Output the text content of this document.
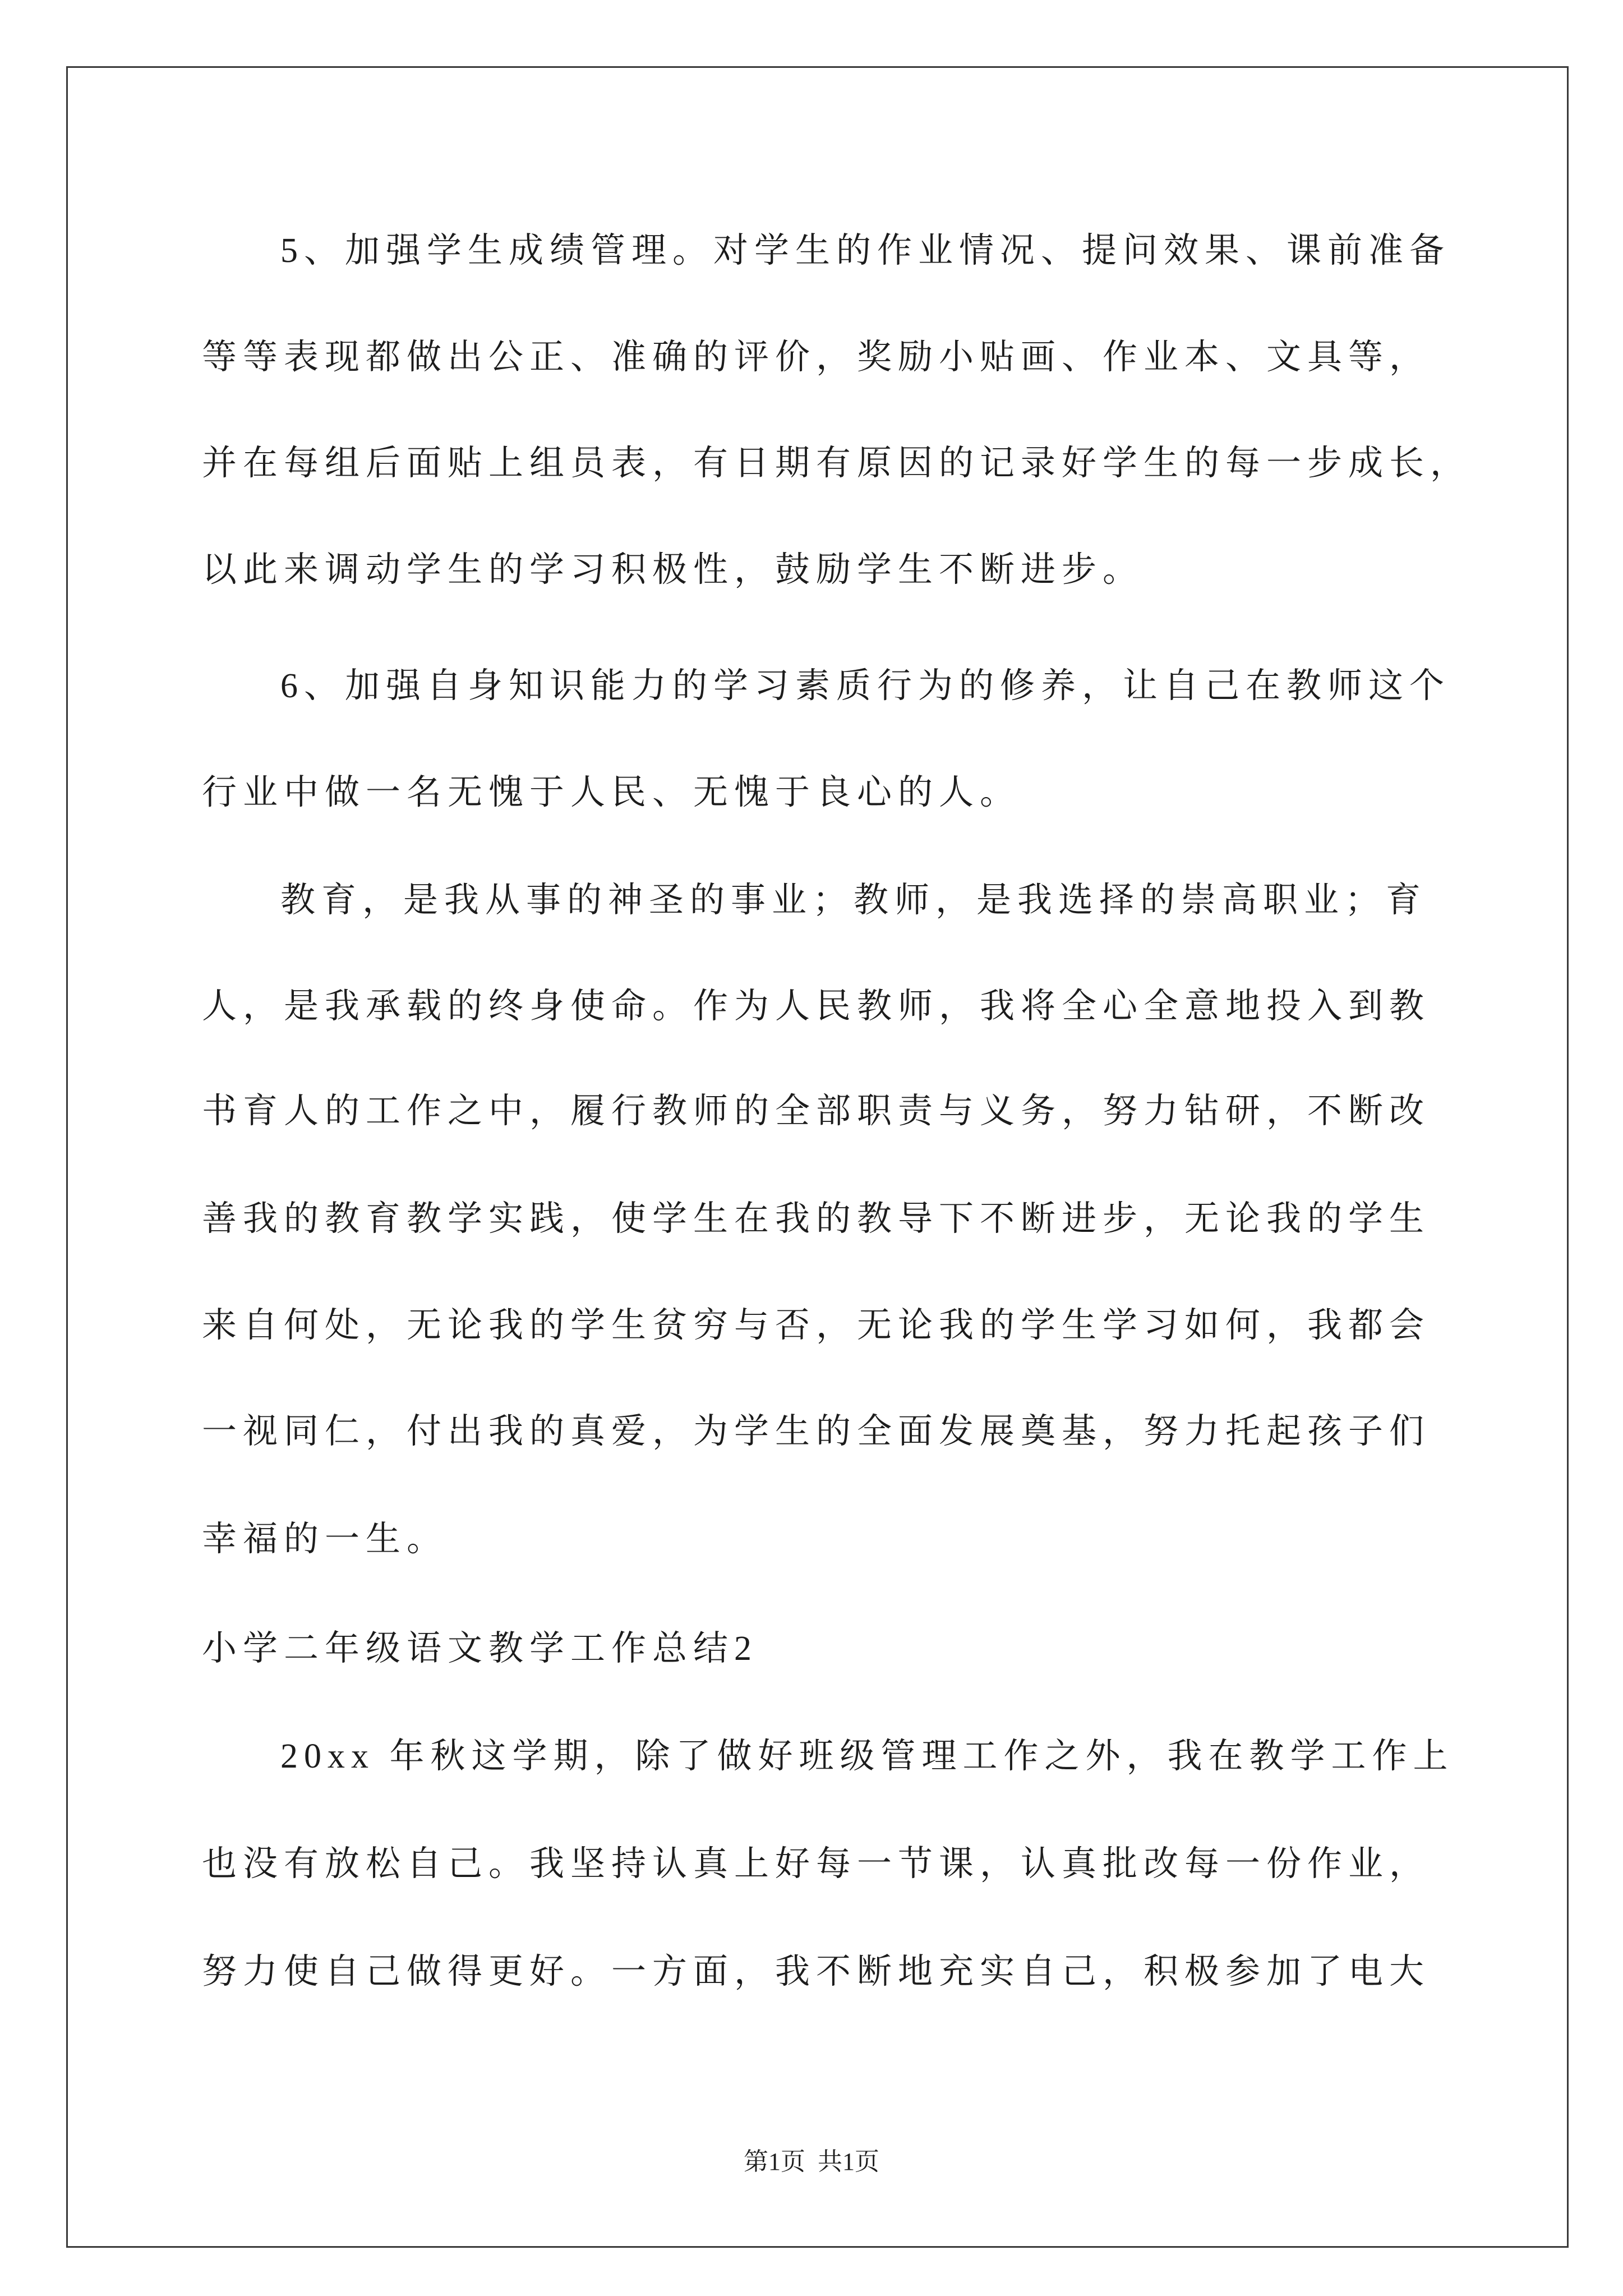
5、加强学生成绩管理。对学生的作业情况、提问效果、课前准备
等等表现都做出公正、准确的评价，奖励小贴画、作业本、文具等，
并在每组后面贴上组员表，有日期有原因的记录好学生的每一步成长，
以此来调动学生的学习积极性，鼓励学生不断进步。
6、加强自身知识能力的学习素质行为的修养，让自己在教师这个
行业中做一名无愧于人民、无愧于良心的人。
教育，是我从事的神圣的事业；教师，是我选择的崇高职业；育
人，是我承载的终身使命。作为人民教师，我将全心全意地投入到教
书育人的工作之中，履行教师的全部职责与义务，努力钻研，不断改
善我的教育教学实践，使学生在我的教导下不断进步，无论我的学生
来自何处，无论我的学生贫穷与否，无论我的学生学习如何，我都会
一视同仁，付出我的真爱，为学生的全面发展奠基，努力托起孩子们
幸福的一生。
小学二年级语文教学工作总结2
20xx 年秋这学期，除了做好班级管理工作之外，我在教学工作上
也没有放松自己。我坚持认真上好每一节课，认真批改每一份作业，
努力使自己做得更好。一方面，我不断地充实自己，积极参加了电大
第1页  共1页
